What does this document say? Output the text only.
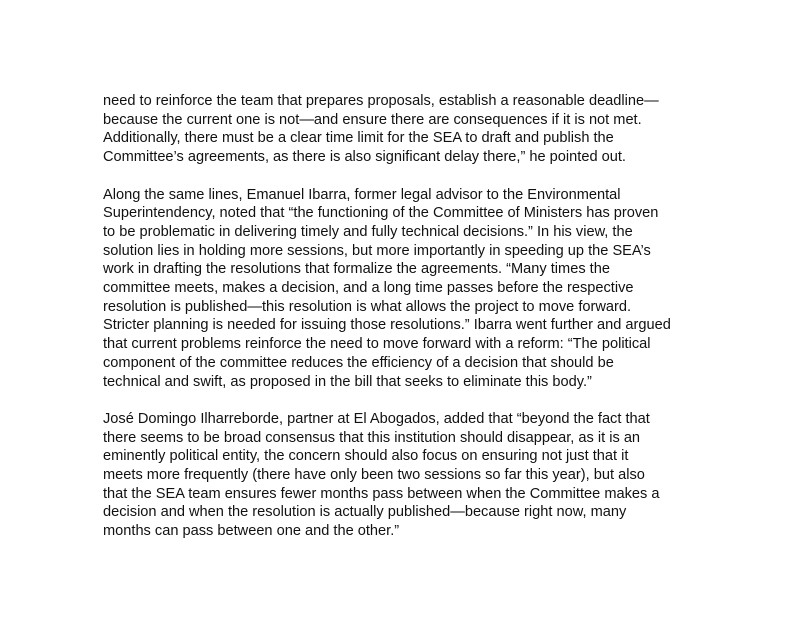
need to reinforce the team that prepares proposals, establish a reasonable deadline—
because the current one is not—and ensure there are consequences if it is not met.
Additionally, there must be a clear time limit for the SEA to draft and publish the
Committee’s agreements, as there is also significant delay there,” he pointed out.

Along the same lines, Emanuel Ibarra, former legal advisor to the Environmental
Superintendency, noted that “the functioning of the Committee of Ministers has proven
to be problematic in delivering timely and fully technical decisions.” In his view, the
solution lies in holding more sessions, but more importantly in speeding up the SEA’s
work in drafting the resolutions that formalize the agreements. “Many times the
committee meets, makes a decision, and a long time passes before the respective
resolution is published—this resolution is what allows the project to move forward.
Stricter planning is needed for issuing those resolutions.” Ibarra went further and argued
that current problems reinforce the need to move forward with a reform: “The political
component of the committee reduces the efficiency of a decision that should be
technical and swift, as proposed in the bill that seeks to eliminate this body.”

José Domingo Ilharreborde, partner at El Abogados, added that “beyond the fact that
there seems to be broad consensus that this institution should disappear, as it is an
eminently political entity, the concern should also focus on ensuring not just that it
meets more frequently (there have only been two sessions so far this year), but also
that the SEA team ensures fewer months pass between when the Committee makes a
decision and when the resolution is actually published—because right now, many
months can pass between one and the other.”
